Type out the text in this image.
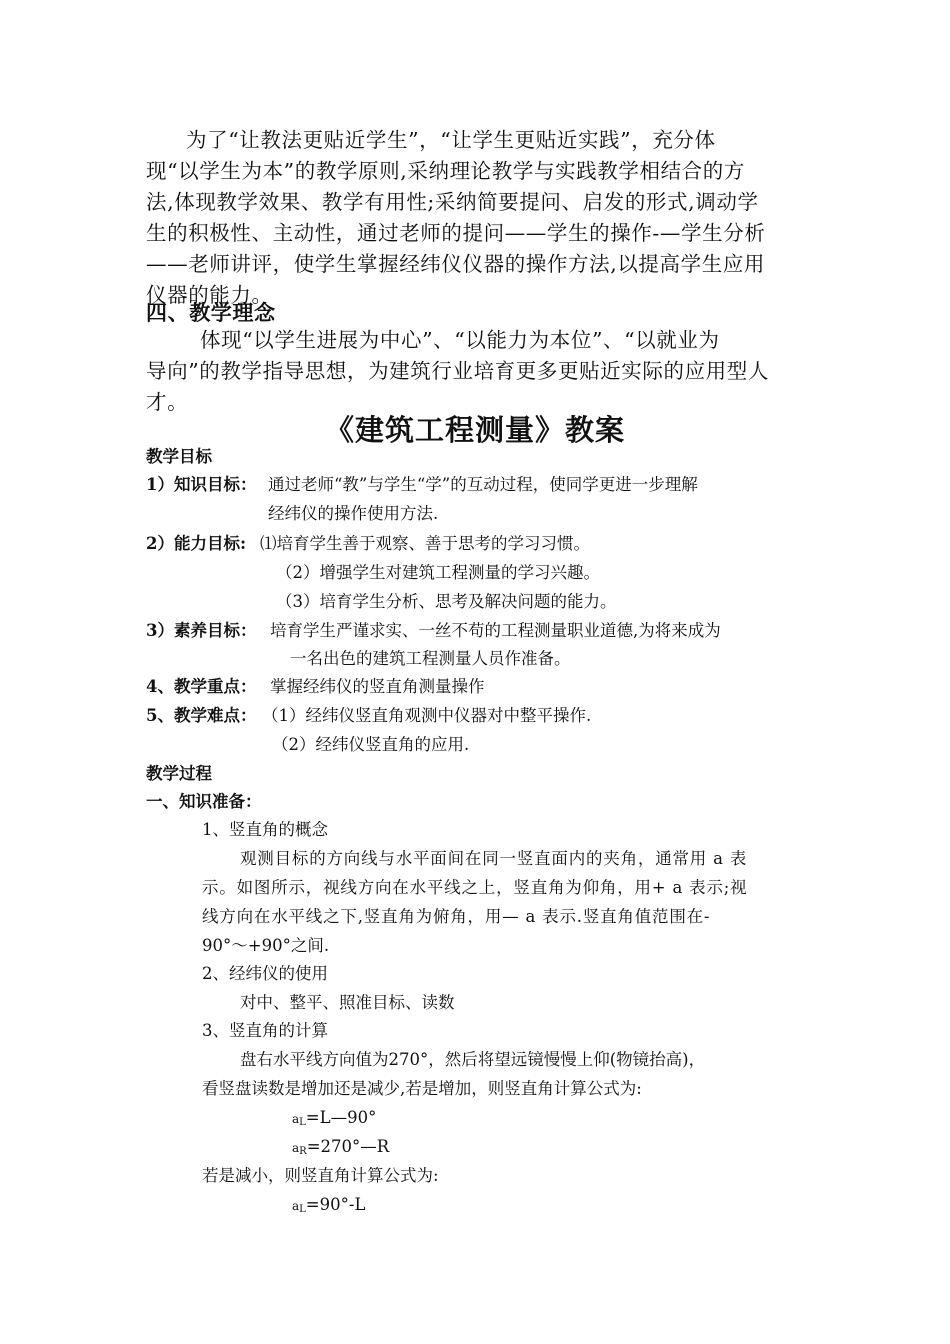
为了“让教法更贴近学生”，“让学生更贴近实践”，充分体
现“以学生为本”的教学原则,采纳理论教学与实践教学相结合的方
法,体现教学效果、教学有用性;采纳简要提问、启发的形式,调动学
生的积极性、主动性，通过老师的提问——学生的操作-—学生分析
——老师讲评，使学生掌握经纬仪仪器的操作方法,以提高学生应用
仪器的能力。
四、教学理念
体现“以学生进展为中心”、“以能力为本位”、“以就业为
导向”的教学指导思想，为建筑行业培育更多更贴近实际的应用型人
才。
《建筑工程测量》教案
教学目标
1）知识目标： 通过老师“教”与学生“学”的互动过程，使同学更进一步理解
经纬仪的操作使用方法.
2）能力目标: ⑴培育学生善于观察、善于思考的学习习惯。
（2）增强学生对建筑工程测量的学习兴趣。
（3）培育学生分析、思考及解决问题的能力。
3）素养目标： 培育学生严谨求实、一丝不苟的工程测量职业道德,为将来成为
一名出色的建筑工程测量人员作准备。
4、教学重点： 掌握经纬仪的竖直角测量操作
5、教学难点： （1）经纬仪竖直角观测中仪器对中整平操作.
（2）经纬仪竖直角的应用.
教学过程
一、知识准备：
1、竖直角的概念
观测目标的方向线与水平面间在同一竖直面内的夹角，通常用 a 表
示。如图所示，视线方向在水平线之上，竖直角为仰角，用+ a 表示;视
线方向在水平线之下,竖直角为俯角，用— a 表示.竖直角值范围在-
90°～+90°之间.
2、经纬仪的使用
对中、整平、照准目标、读数
3、竖直角的计算
盘右水平线方向值为270°，然后将望远镜慢慢上仰(物镜抬高)，
看竖盘读数是增加还是减少,若是增加，则竖直角计算公式为:
$a_L=L—90^\circ$
$a_R=270^\circ—R$
若是减小，则竖直角计算公式为:
$a_L=90^\circ-L$
